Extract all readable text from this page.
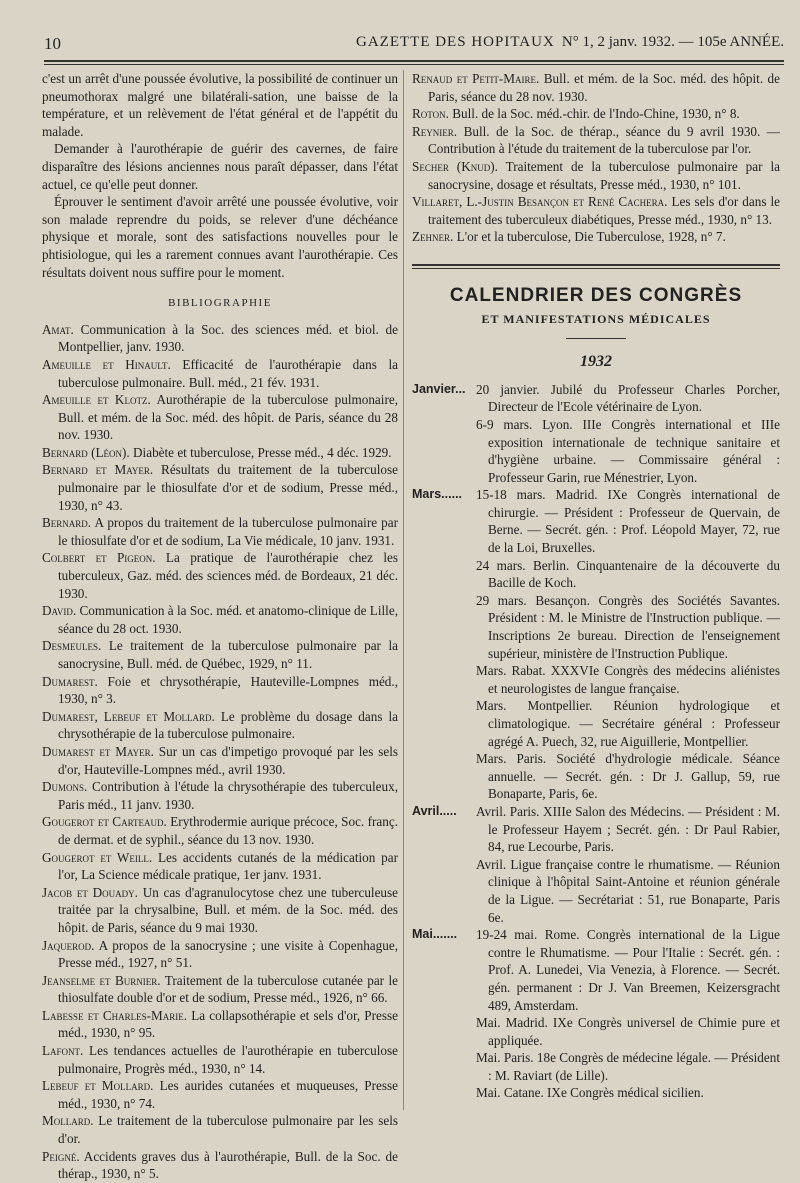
10	GAZETTE DES HOPITAUX N° 1, 2 janv. 1932. — 105e ANNÉE.

c'est un arrêt d'une poussée évolutive, la possibilité de continuer un pneumothorax malgré une bilatérali-sation, une baisse de la température, et un relèvement de l'état général et de l'appétit du malade.

Demander à l'aurothérapie de guérir des cavernes, de faire disparaître des lésions anciennes nous paraît dépasser, dans l'état actuel, ce qu'elle peut donner.

Éprouver le sentiment d'avoir arrêté une poussée évolutive, voir son malade reprendre du poids, se relever d'une déchéance physique et morale, sont des satisfactions nouvelles pour le phtisiologue, qui les a rarement connues avant l'aurothérapie. Ces résultats doivent nous suffire pour le moment.

BIBLIOGRAPHIE

Amat. Communication à la Soc. des sciences méd. et biol. de Montpellier, janv. 1930.

Ameuille et Hinault. Efficacité de l'aurothérapie dans la tuberculose pulmonaire. Bull. méd., 21 fév. 1931.

Ameuille et Klotz. Aurothérapie de la tuberculose pulmonaire, Bull. et mém. de la Soc. méd. des hôpit. de Paris, séance du 28 nov. 1930.

Bernard (Léon). Diabète et tuberculose, Presse méd., 4 déc. 1929.

Bernard et Mayer. Résultats du traitement de la tuberculose pulmonaire par le thiosulfate d'or et de sodium, Presse méd., 1930, n° 43.

Bernard. A propos du traitement de la tuberculose pulmonaire par le thiosulfate d'or et de sodium, La Vie médicale, 10 janv. 1931.

Colbert et Pigeon. La pratique de l'aurothérapie chez les tuberculeux, Gaz. méd. des sciences méd. de Bordeaux, 21 déc. 1930.

David. Communication à la Soc. méd. et anatomo-clinique de Lille, séance du 28 oct. 1930.

Desmeules. Le traitement de la tuberculose pulmonaire par la sanocrysine, Bull. méd. de Québec, 1929, n° 11.

Dumarest. Foie et chrysothérapie, Hauteville-Lompnes méd., 1930, n° 3.

Dumarest, Lebeuf et Mollard. Le problème du dosage dans la chrysothérapie de la tuberculose pulmonaire.

Dumarest et Mayer. Sur un cas d'impetigo provoqué par les sels d'or, Hauteville-Lompnes méd., avril 1930.

Dumons. Contribution à l'étude la chrysothérapie des tuberculeux, Paris méd., 11 janv. 1930.

Gougerot et Carteaud. Erythrodermie aurique précoce, Soc. franç. de dermat. et de syphil., séance du 13 nov. 1930.

Gougerot et Weill. Les accidents cutanés de la médication par l'or, La Science médicale pratique, 1er janv. 1931.

Jacob et Douady. Un cas d'agranulocytose chez une tuberculeuse traitée par la chrysalbine, Bull. et mém. de la Soc. méd. des hôpit. de Paris, séance du 9 mai 1930.

Jaquerod. A propos de la sanocrysine ; une visite à Copenhague, Presse méd., 1927, n° 51.

Jeanselme et Burnier. Traitement de la tuberculose cutanée par le thiosulfate double d'or et de sodium, Presse méd., 1926, n° 66.

Labesse et Charles-Marie. La collapsothérapie et sels d'or, Presse méd., 1930, n° 95.

Lafont. Les tendances actuelles de l'aurothérapie en tuberculose pulmonaire, Progrès méd., 1930, n° 14.

Lebeuf et Mollard. Les aurides cutanées et muqueuses, Presse méd., 1930, n° 74.

Mollard. Le traitement de la tuberculose pulmonaire par les sels d'or.

Peigné. Accidents graves dus à l'aurothérapie, Bull. de la Soc. de thérap., 1930, n° 5.

Renaud et Petit-Maire. Bull. et mém. de la Soc. méd. des hôpit. de Paris, séance du 28 nov. 1930.

Roton. Bull. de la Soc. méd.-chir. de l'Indo-Chine, 1930, n° 8.

Reynier. Bull. de la Soc. de thérap., séance du 9 avril 1930. — Contribution à l'étude du traitement de la tuberculose par l'or.

Secher (Knud). Traitement de la tuberculose pulmonaire par la sanocrysine, dosage et résultats, Presse méd., 1930, n° 101.

Villaret, L.-Justin Besançon et René Cachera. Les sels d'or dans le traitement des tuberculeux diabétiques, Presse méd., 1930, n° 13.

Zehner. L'or et la tuberculose, Die Tuberculose, 1928, n° 7.

CALENDRIER DES CONGRÈS
ET MANIFESTATIONS MÉDICALES
1932
Janvier... 20 janvier. Jubilé du Professeur Charles Porcher, Directeur de l'Ecole vétérinaire de Lyon.

6-9 mars. Lyon. IIIe Congrès international et IIIe exposition internationale de technique sanitaire et d'hygiène urbaine. — Commissaire général : Professeur Garin, rue Ménestrier, Lyon.

Mars......	15-18 mars. Madrid. IXe Congrès international de chirurgie. — Président : Professeur de Quervain, de Berne. — Secrét. gén. : Prof. Léopold Mayer, 72, rue de la Loi, Bruxelles.

24 mars. Berlin. Cinquantenaire de la découverte du Bacille de Koch.

29 mars. Besançon. Congrès des Sociétés Savantes. Président : M. le Ministre de l'Instruction publique. — Inscriptions 2e bureau. Direction de l'enseignement supérieur, ministère de l'Instruction Publique.

Mars. Rabat. XXXVIe Congrès des médecins aliénistes et neurologistes de langue française.

Mars. Montpellier. Réunion hydrologique et climatologique. — Secrétaire général : Professeur agrégé A. Puech, 32, rue Aiguillerie, Montpellier.

Mars. Paris. Société d'hydrologie médicale. Séance annuelle. — Secrét. gén. : Dr J. Gallup, 59, rue Bonaparte, Paris, 6e.

Avril.....	Avril. Paris. XIIIe Salon des Médecins. — Président : M. le Professeur Hayem ; Secrét. gén. : Dr Paul Rabier, 84, rue Lecourbe, Paris.

Avril. Ligue française contre le rhumatisme. — Réunion clinique à l'hôpital Saint-Antoine et réunion générale de la Ligue. — Secrétariat : 51, rue Bonaparte, Paris 6e.

Mai.......	19-24 mai. Rome. Congrès international de la Ligue contre le Rhumatisme. — Pour l'Italie : Secrét. gén. : Prof. A. Lunedei, Via Venezia, à Florence. — Secrét. gén. permanent : Dr J. Van Breemen, Keizersgracht 489, Amsterdam.

Mai. Madrid. IXe Congrès universel de Chimie pure et appliquée.

Mai. Paris. 18e Congrès de médecine légale. — Président : M. Raviart (de Lille).

Mai. Catane. IXe Congrès médical sicilien.
